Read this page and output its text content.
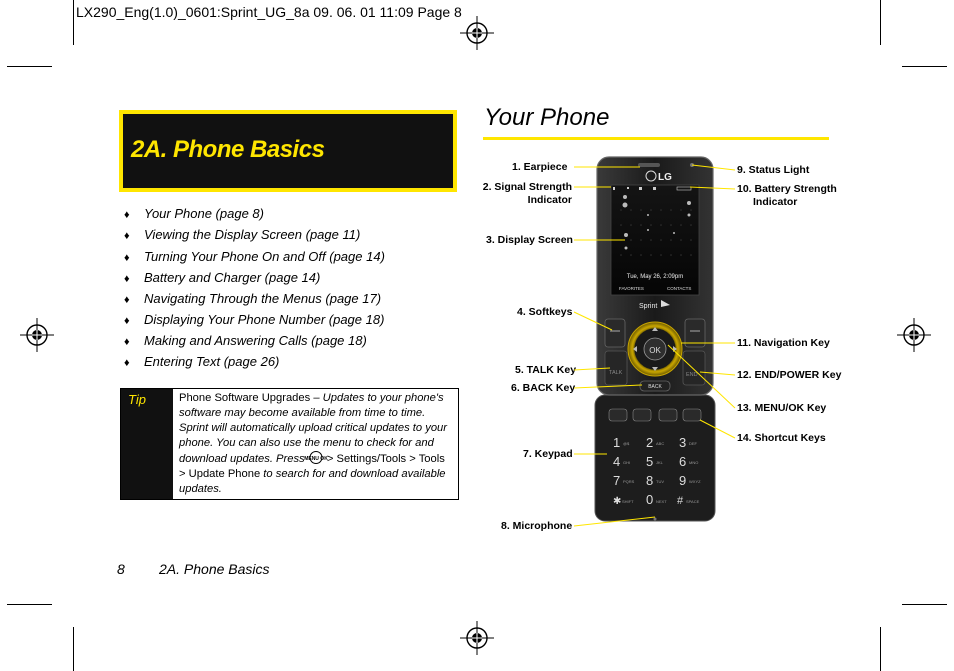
LX290_Eng(1.0)_0601:Sprint_UG_8a 09. 06. 01 11:09 Page 8
2A. Phone Basics
♦ Your Phone (page 8)
♦ Viewing the Display Screen (page 11)
♦ Turning Your Phone On and Off (page 14)
♦ Battery and Charger (page 14)
♦ Navigating Through the Menus (page 17)
♦ Displaying Your Phone Number (page 18)
♦ Making and Answering Calls (page 18)
♦ Entering Text (page 26)
Tip	Phone Software Upgrades – Updates to your phone's software may become available from time to time. Sprint will automatically upload critical updates to your phone. You can also use the menu to check for and download updates. Press
MENU OK
> Settings/Tools > Tools > Update Phone to search for and download available updates.
Your Phone
1. Earpiece
2. Signal Strength
Indicator
3. Display Screen
4. Softkeys
5. TALK Key
6. BACK Key
7. Keypad
8. Microphone
9. Status Light
10. Battery Strength
Indicator
11. Navigation Key
12. END/POWER Key
13. MENU/OK Key
14. Shortcut Keys
LG
Tue, May 26, 2:09pm
FAVORITES	CONTACTS
Sprint
TALK	END
OK
BACK
1 @$ 2 ABC 3 DEF
4 GHI 5 JKL 6 MNO
7 PQRS 8 TUV 9 WXYZ
✱ SHIFT 0 NEXT # SPACE
8 2A. Phone Basics
